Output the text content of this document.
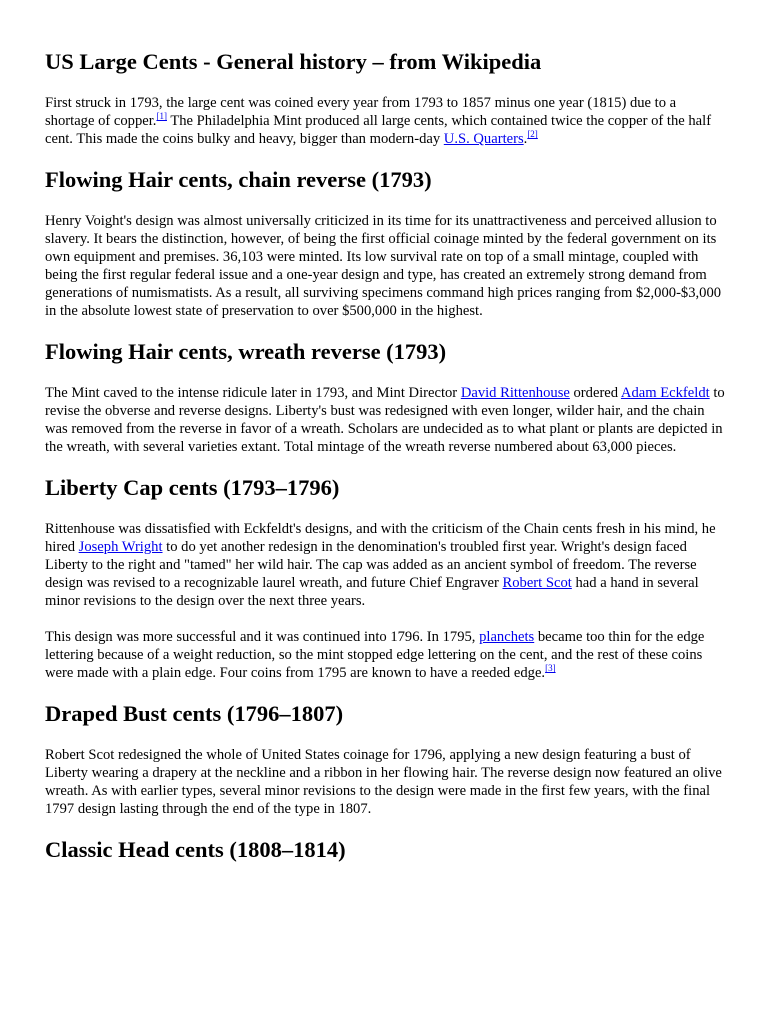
US Large Cents - General history – from Wikipedia

First struck in 1793, the large cent was coined every year from 1793 to 1857 minus one year (1815) due to a shortage of copper.[1] The Philadelphia Mint produced all large cents, which contained twice the copper of the half cent. This made the coins bulky and heavy, bigger than modern-day U.S. Quarters.[2]

Flowing Hair cents, chain reverse (1793)

Henry Voight's design was almost universally criticized in its time for its unattractiveness and perceived allusion to slavery. It bears the distinction, however, of being the first official coinage minted by the federal government on its own equipment and premises. 36,103 were minted. Its low survival rate on top of a small mintage, coupled with being the first regular federal issue and a one-year design and type, has created an extremely strong demand from generations of numismatists. As a result, all surviving specimens command high prices ranging from $2,000-$3,000 in the absolute lowest state of preservation to over $500,000 in the highest.

Flowing Hair cents, wreath reverse (1793)

The Mint caved to the intense ridicule later in 1793, and Mint Director David Rittenhouse ordered Adam Eckfeldt to revise the obverse and reverse designs. Liberty's bust was redesigned with even longer, wilder hair, and the chain was removed from the reverse in favor of a wreath. Scholars are undecided as to what plant or plants are depicted in the wreath, with several varieties extant. Total mintage of the wreath reverse numbered about 63,000 pieces.

Liberty Cap cents (1793–1796)

Rittenhouse was dissatisfied with Eckfeldt's designs, and with the criticism of the Chain cents fresh in his mind, he hired Joseph Wright to do yet another redesign in the denomination's troubled first year. Wright's design faced Liberty to the right and "tamed" her wild hair. The cap was added as an ancient symbol of freedom. The reverse design was revised to a recognizable laurel wreath, and future Chief Engraver Robert Scot had a hand in several minor revisions to the design over the next three years.

This design was more successful and it was continued into 1796. In 1795, planchets became too thin for the edge lettering because of a weight reduction, so the mint stopped edge lettering on the cent, and the rest of these coins were made with a plain edge. Four coins from 1795 are known to have a reeded edge.[3]

Draped Bust cents (1796–1807)

Robert Scot redesigned the whole of United States coinage for 1796, applying a new design featuring a bust of Liberty wearing a drapery at the neckline and a ribbon in her flowing hair. The reverse design now featured an olive wreath. As with earlier types, several minor revisions to the design were made in the first few years, with the final 1797 design lasting through the end of the type in 1807.

Classic Head cents (1808–1814)
